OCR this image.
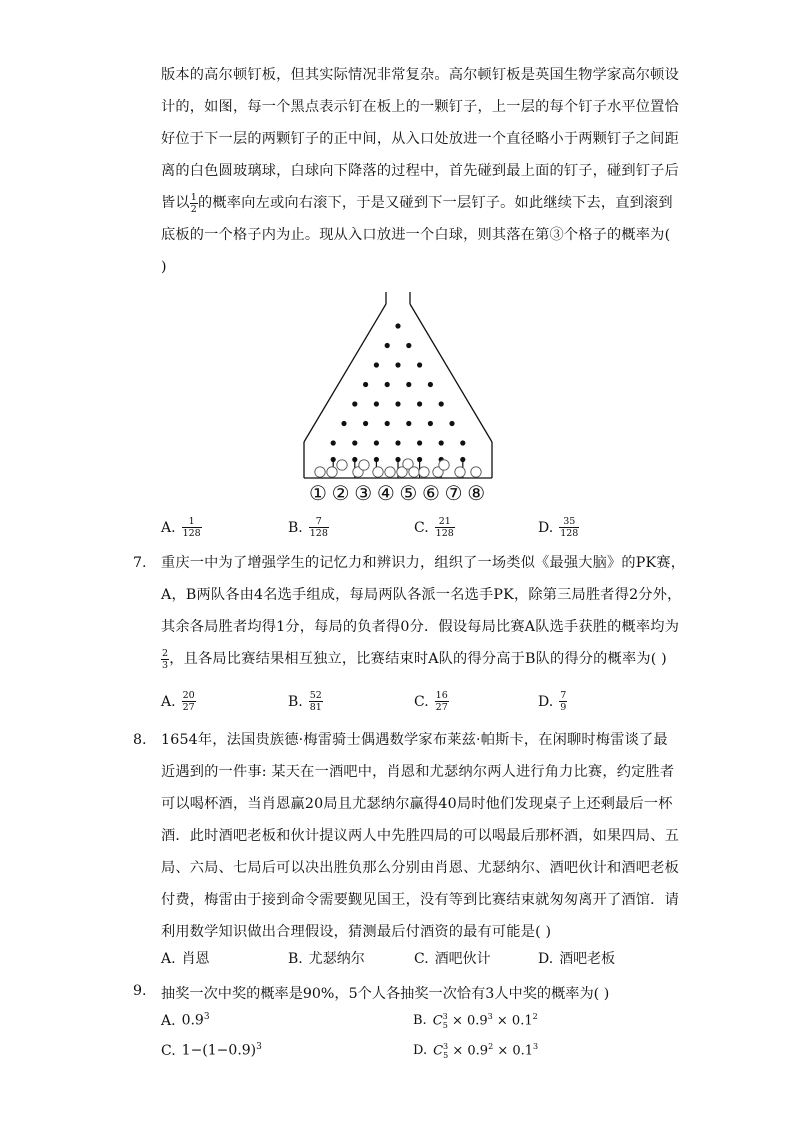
版本的高尔顿钉板，但其实际情况非常复杂。高尔顿钉板是英国生物学家高尔顿设
计的，如图，每一个黑点表示钉在板上的一颗钉子，上一层的每个钉子水平位置恰
好位于下一层的两颗钉子的正中间，从入口处放进一个直径略小于两颗钉子之间距
离的白色圆玻璃球，白球向下降落的过程中，首先碰到最上面的钉子，碰到钉子后
皆以 $\frac{1}{2}$ 的概率向左或向右滚下，于是又碰到下一层钉子。如此继续下去，直到滚到
底板的一个格子内为止。现从入口放进一个白球，则其落在第③个格子的概率为(
)
① ② ③ ④ ⑤ ⑥ ⑦ ⑧
A. $\frac{1}{128}$	B. $\frac{7}{128}$	C. $\frac{21}{128}$	D. $\frac{35}{128}$
7. 重庆一中为了增强学生的记忆力和辨识力，组织了一场类似《最强大脑》的PK赛，
A，B两队各由4名选手组成，每局两队各派一名选手PK，除第三局胜者得2分外，
其余各局胜者均得1分，每局的负者得0分．假设每局比赛A队选手获胜的概率均为
$\frac{2}{3}$ ，且各局比赛结果相互独立，比赛结束时A队的得分高于B队的得分的概率为( )
A. $\frac{20}{27}$	B. $\frac{52}{81}$	C. $\frac{16}{27}$	D. $\frac{7}{9}$
8. 1654年，法国贵族德·梅雷骑士偶遇数学家布莱兹·帕斯卡，在闲聊时梅雷谈了最
近遇到的一件事: 某天在一酒吧中，肖恩和尤瑟纳尔两人进行角力比赛，约定胜者
可以喝杯酒，当肖恩赢20局且尤瑟纳尔赢得40局时他们发现桌子上还剩最后一杯
酒．此时酒吧老板和伙计提议两人中先胜四局的可以喝最后那杯酒，如果四局、五
局、六局、七局后可以决出胜负那么分别由肖恩、尤瑟纳尔、酒吧伙计和酒吧老板
付费，梅雷由于接到命令需要觐见国王，没有等到比赛结束就匆匆离开了酒馆．请
利用数学知识做出合理假设，猜测最后付酒资的最有可能是( )
A. 肖恩	B. 尤瑟纳尔	C. 酒吧伙计	D. 酒吧老板
9. 抽奖一次中奖的概率是90%，5个人各抽奖一次恰有3人中奖的概率为( )
A. $0.9^3$	B. $C^3_5 \times 0.9^3 \times 0.1^2$
C. $1-(1-0.9)^3$	D. $C^3_5 \times 0.9^2 \times 0.1^3$
